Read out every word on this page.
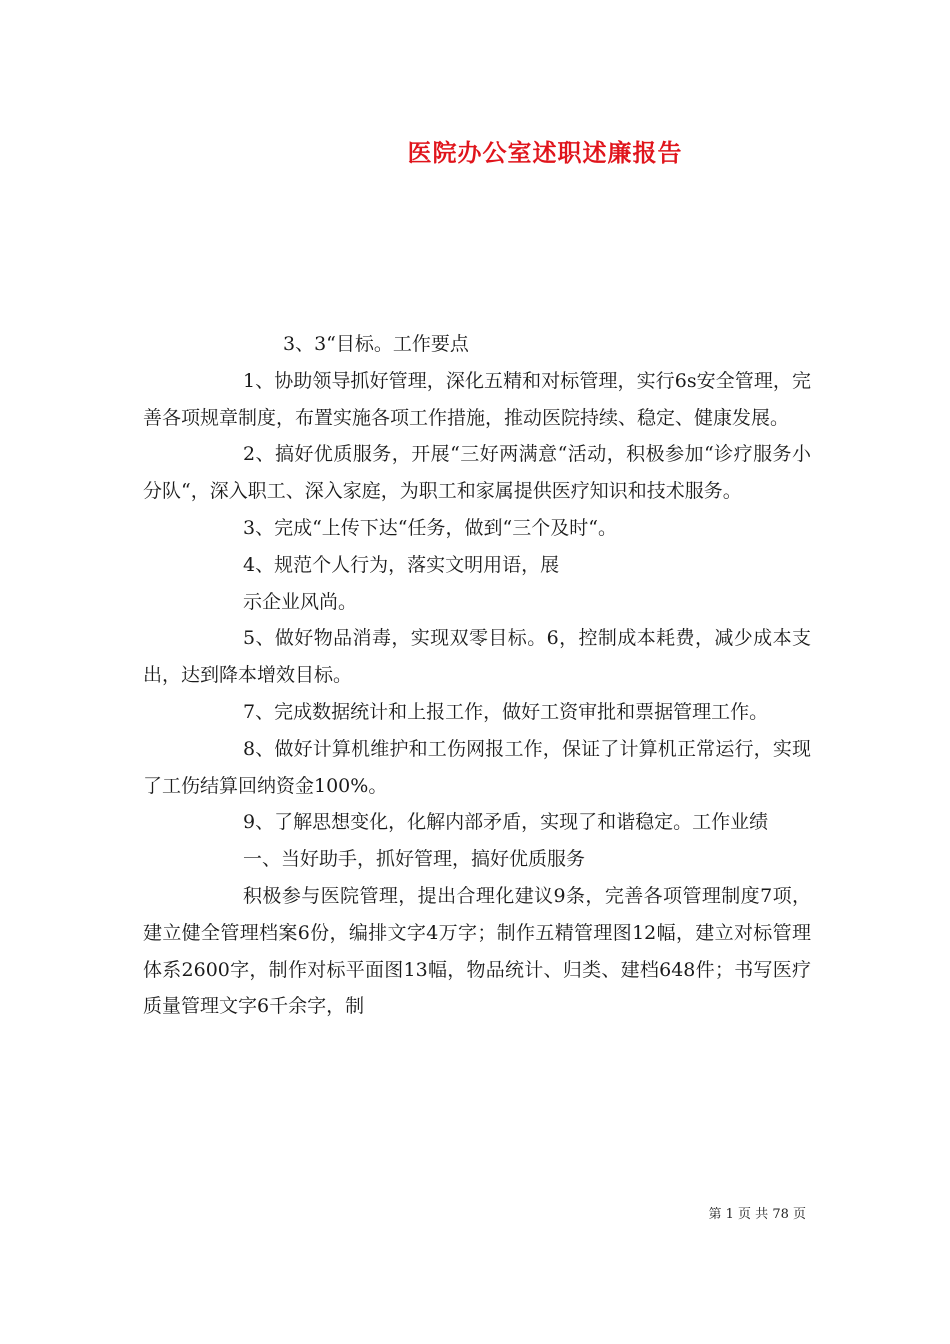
医院办公室述职述廉报告

3、3“目标。工作要点

1、协助领导抓好管理，深化五精和对标管理，实行6s安全管理，完善各项规章制度，布置实施各项工作措施，推动医院持续、稳定、健康发展。

2、搞好优质服务，开展“三好两满意“活动，积极参加“诊疗服务小分队“，深入职工、深入家庭，为职工和家属提供医疗知识和技术服务。

3、完成“上传下达“任务，做到“三个及时“。

4、规范个人行为，落实文明用语，展

示企业风尚。

5、做好物品消毒，实现双零目标。6，控制成本耗费，减少成本支出，达到降本增效目标。

7、完成数据统计和上报工作，做好工资审批和票据管理工作。

8、做好计算机维护和工伤网报工作，保证了计算机正常运行，实现了工伤结算回纳资金100%。

9、了解思想变化，化解内部矛盾，实现了和谐稳定。工作业绩

一、当好助手，抓好管理，搞好优质服务

积极参与医院管理，提出合理化建议9条，完善各项管理制度7项，建立健全管理档案6份，编排文字4万字；制作五精管理图12幅，建立对标管理体系2600字，制作对标平面图13幅，物品统计、归类、建档648件；书写医疗质量管理文字6千余字，制

第 1 页 共 78 页
